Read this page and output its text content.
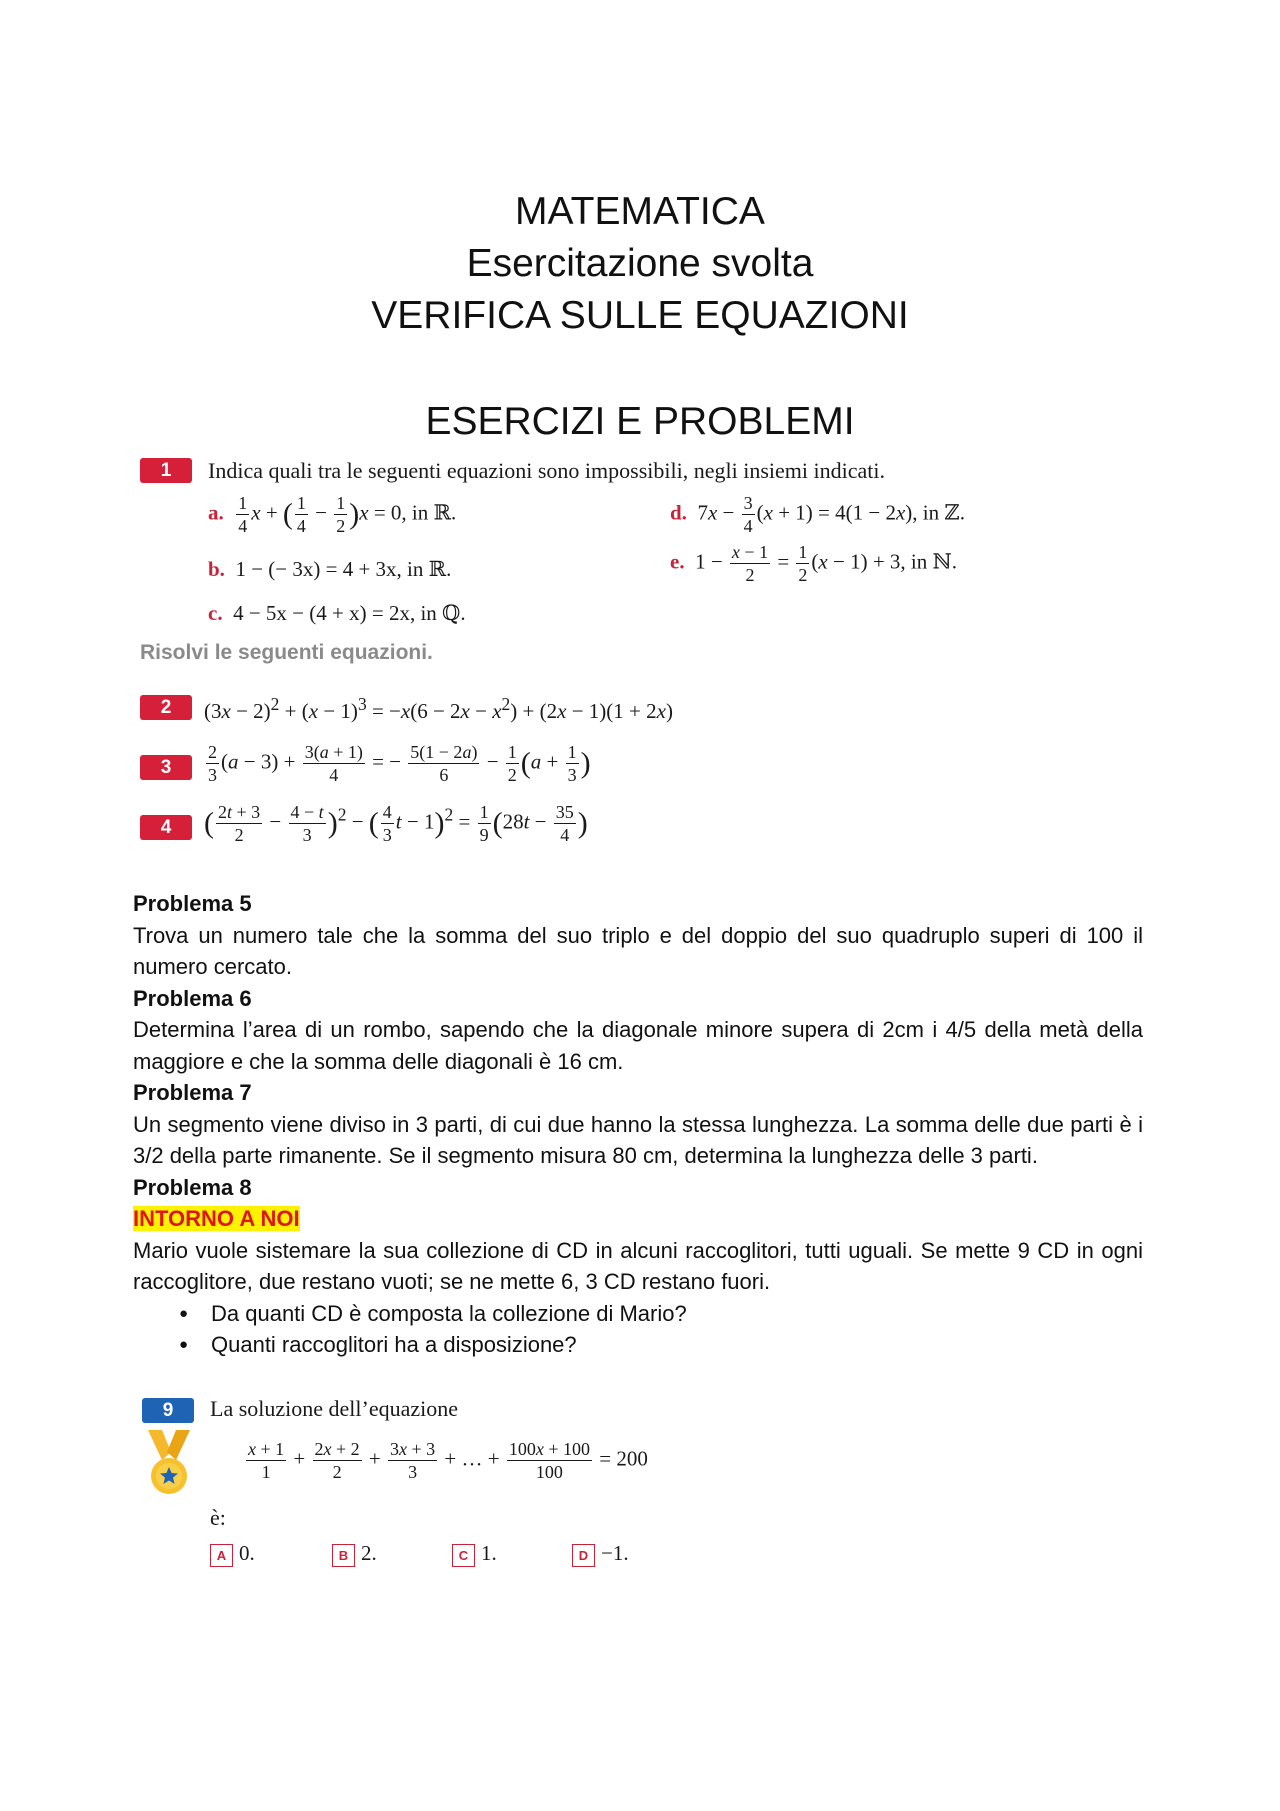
MATEMATICA
Esercitazione svolta
VERIFICA SULLE EQUAZIONI
ESERCIZI E PROBLEMI
1	Indica quali tra le seguenti equazioni sono impossibili, negli insiemi indicati.
a. $\frac{1}{4}$ x + ( $\frac{1}{4} - \frac{1}{2} )x = 0$, in ℝ.	d.  $7x - \frac{3}{4} (x + 1) = 4(1 - 2x)$, in ℤ.
b. 1 − (− 3x) = 4 + 3x, in ℝ.	e.  $1 - \frac{x - 1}{2} = \frac{1}{2} (x - 1) + 3$, in ℕ.
c. 4 − 5x − (4 + x) = 2x, in ℚ.
Risolvi le seguenti equazioni.
2	$(3x - 2)^2 + (x - 1)^3 = -x(6 - 2x - x^2) + (2x - 1)(1 + 2x)$
3	$\frac{2}{3} (a - 3) + \frac{3(a + 1)}{4}$ = − $\frac{5(1 - 2a)}{6} - \frac{1}{2} (a + \frac{1}{3}$ )
4	( $\frac{2t + 3}{2} - \frac{4 - t}{3} )^2$ − ( $\frac{4}{3}$ $t - 1)^2 = \frac{1}{9} (28t - \frac{35}{4}$ )
Problema 5
Trova un numero tale che la somma del suo triplo e del doppio del suo quadruplo superi di 100 il numero cercato.
Problema 6
Determina l’area di un rombo, sapendo che la diagonale minore supera di 2cm i 4/5 della metà della maggiore e che la somma delle diagonali è 16 cm.
Problema 7
Un segmento viene diviso in 3 parti, di cui due hanno la stessa lunghezza. La somma delle due parti è i 3/2 della parte rimanente. Se il segmento misura 80 cm, determina la lunghezza delle 3 parti.
Problema 8
INTORNO A NOI
Mario vuole sistemare la sua collezione di CD in alcuni raccoglitori, tutti uguali. Se mette 9 CD in ogni raccoglitore, due restano vuoti; se ne mette 6, 3 CD restano fuori.
● Da quanti CD è composta la collezione di Mario?
● Quanti raccoglitori ha a disposizione?
9	La soluzione dell’equazione
$\frac{x + 1}{1} + \frac{2x + 2}{2} + \frac{3x + 3}{3}$ + … + $\frac{100x + 100}{100} = 200$
è:
A 0.	B 2.	C 1.	D −1.
